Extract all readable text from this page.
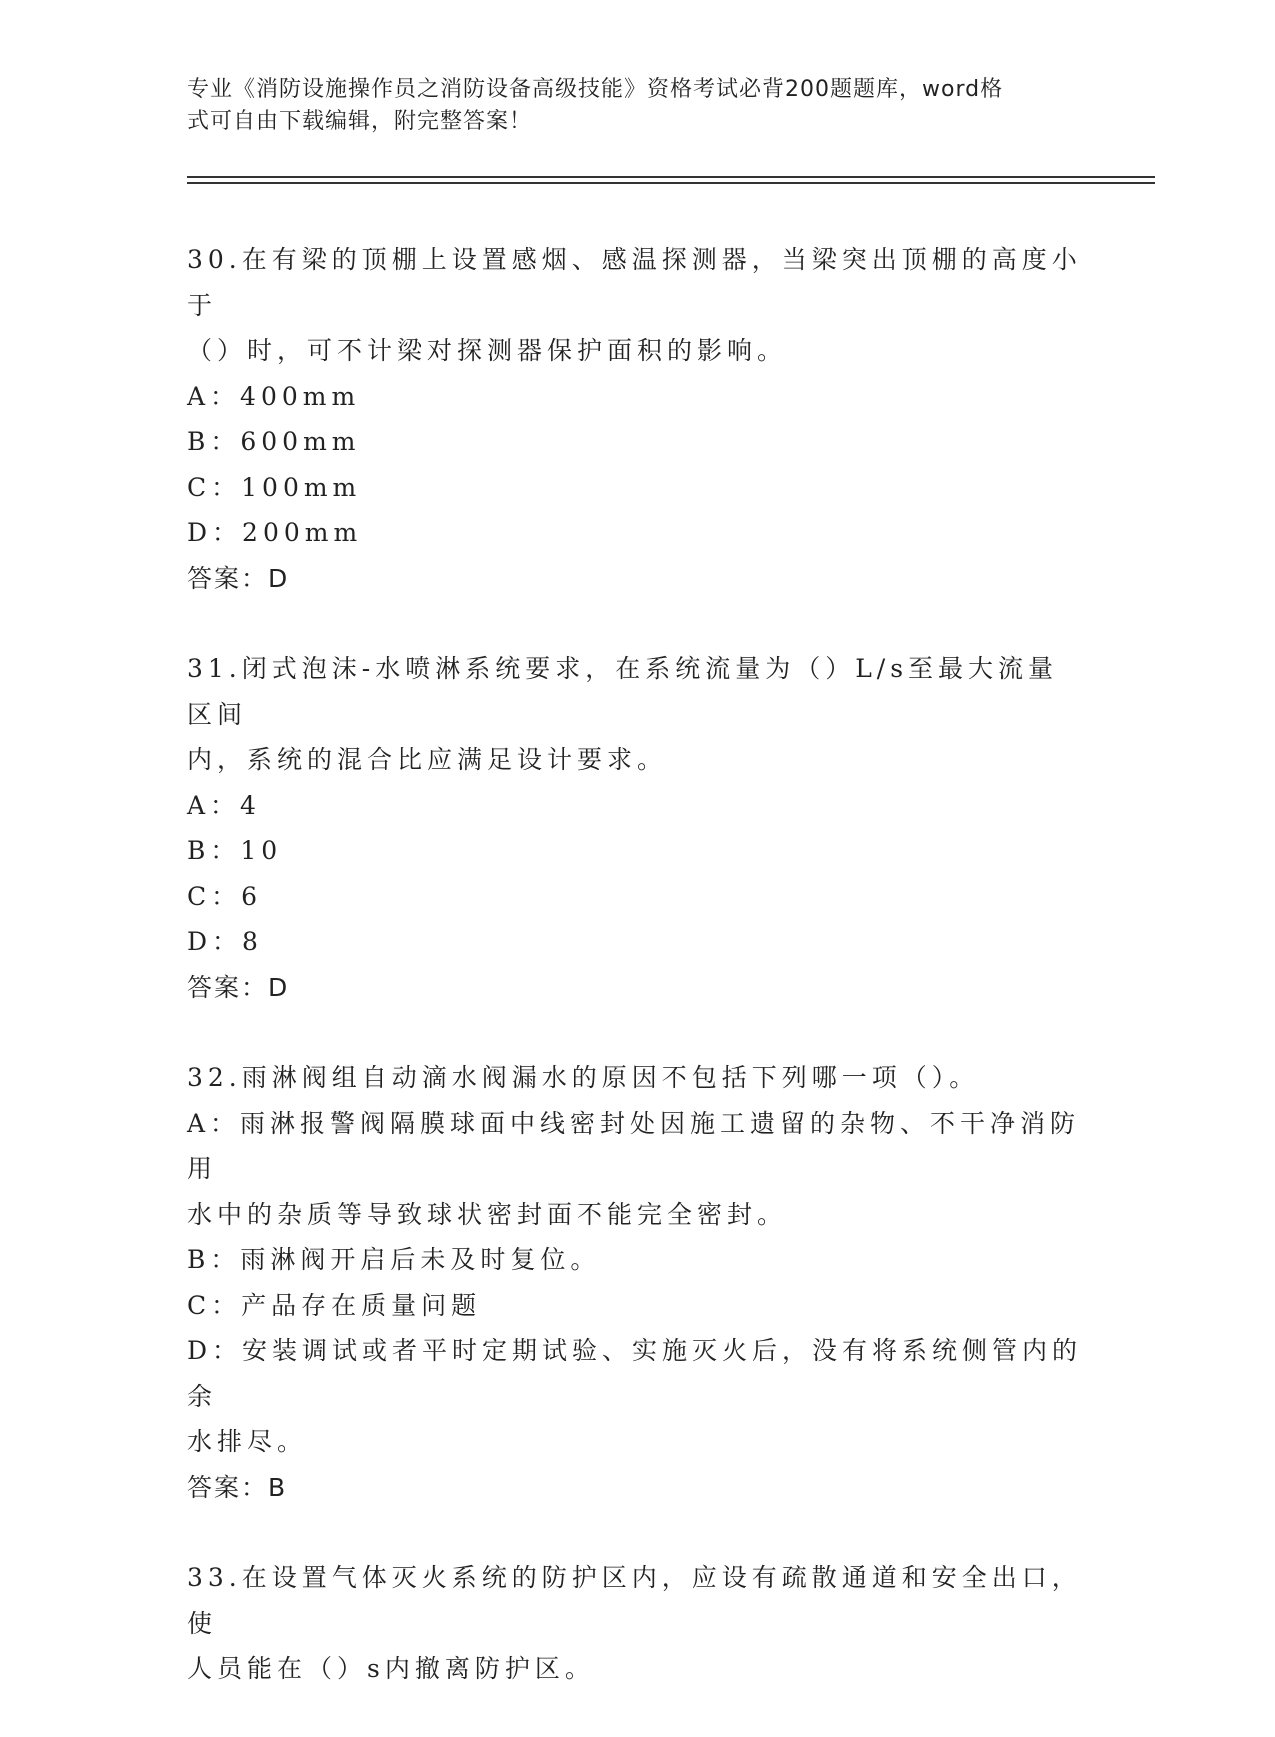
专业《消防设施操作员之消防设备高级技能》资格考试必背200题题库，word格
式可自由下载编辑，附完整答案！
30.在有梁的顶棚上设置感烟、感温探测器，当梁突出顶棚的高度小于
（）时，可不计梁对探测器保护面积的影响。
A：400mm
B：600mm
C：100mm
D：200mm
答案：D
31.闭式泡沫-水喷淋系统要求，在系统流量为（）L/s至最大流量区间
内，系统的混合比应满足设计要求。
A：4
B：10
C：6
D：8
答案：D
32.雨淋阀组自动滴水阀漏水的原因不包括下列哪一项（）。
A：雨淋报警阀隔膜球面中线密封处因施工遗留的杂物、不干净消防用
水中的杂质等导致球状密封面不能完全密封。
B：雨淋阀开启后未及时复位。
C：产品存在质量问题
D：安装调试或者平时定期试验、实施灭火后，没有将系统侧管内的余
水排尽。
答案：B
33.在设置气体灭火系统的防护区内，应设有疏散通道和安全出口，使
人员能在（）s内撤离防护区。
